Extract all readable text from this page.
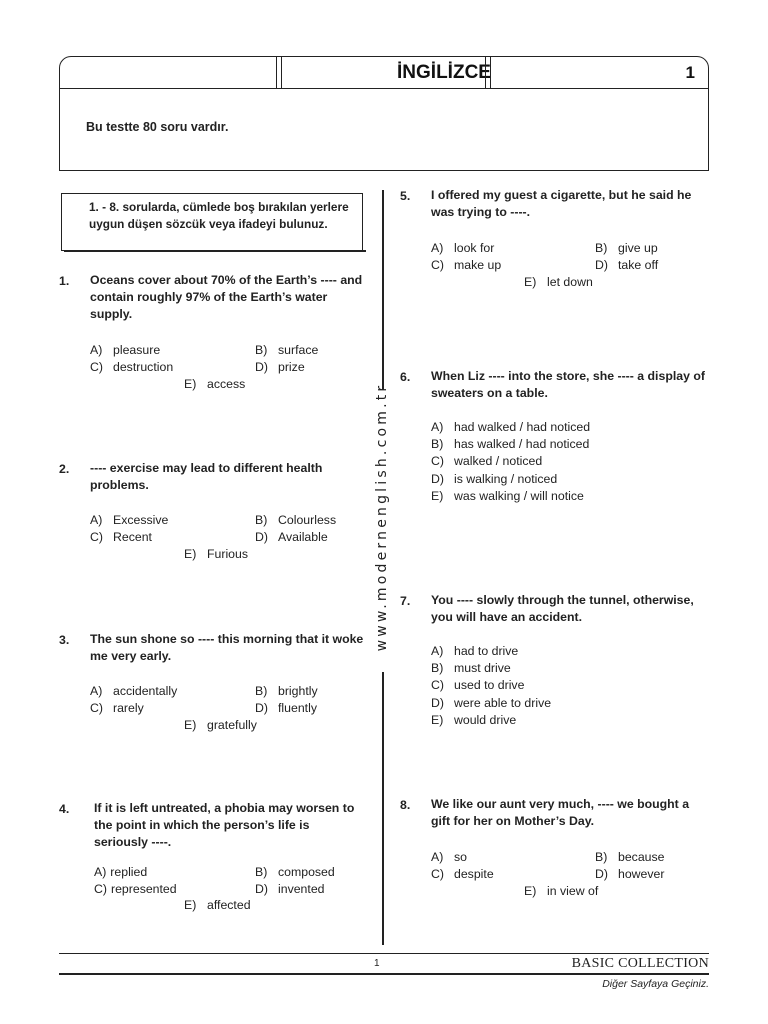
İNGİLİZCE	1
Bu testte 80 soru vardır.
1. - 8. sorularda, cümlede boş bırakılan yerlere uygun düşen sözcük veya ifadeyi bulunuz.
www.modernenglish.com.tr
1. Oceans cover about 70% of the Earth’s ---- and contain roughly 97% of the Earth’s water supply.
A) pleasure	B) surface
C) destruction	D) prize
E) access
2. ---- exercise may lead to different health problems.
A) Excessive	B) Colourless
C) Recent	D) Available
E) Furious
3. The sun shone so ---- this morning that it woke me very early.
A) accidentally	B) brightly
C) rarely	D) fluently
E) gratefully
4. If it is left untreated, a phobia may worsen to the point in which the person’s life is seriously ----.
A) replied	B) composed
C) represented	D) invented
E) affected
5. I offered my guest a cigarette, but he said he was trying to ----.
A) look for	B) give up
C) make up	D) take off
E) let down
6. When Liz ---- into the store, she ---- a display of sweaters on a table.
A) had walked / had noticed
B) has walked / had noticed
C) walked / noticed
D) is walking / noticed
E) was walking / will notice
7. You ---- slowly through the tunnel, otherwise, you will have an accident.
A) had to drive
B) must drive
C) used to drive
D) were able to drive
E) would drive
8. We like our aunt very much, ---- we bought a gift for her on Mother’s Day.
A) so	B) because
C) despite	D) however
E) in view of
1	BASIC COLLECTION
Diğer Sayfaya Geçiniz.
